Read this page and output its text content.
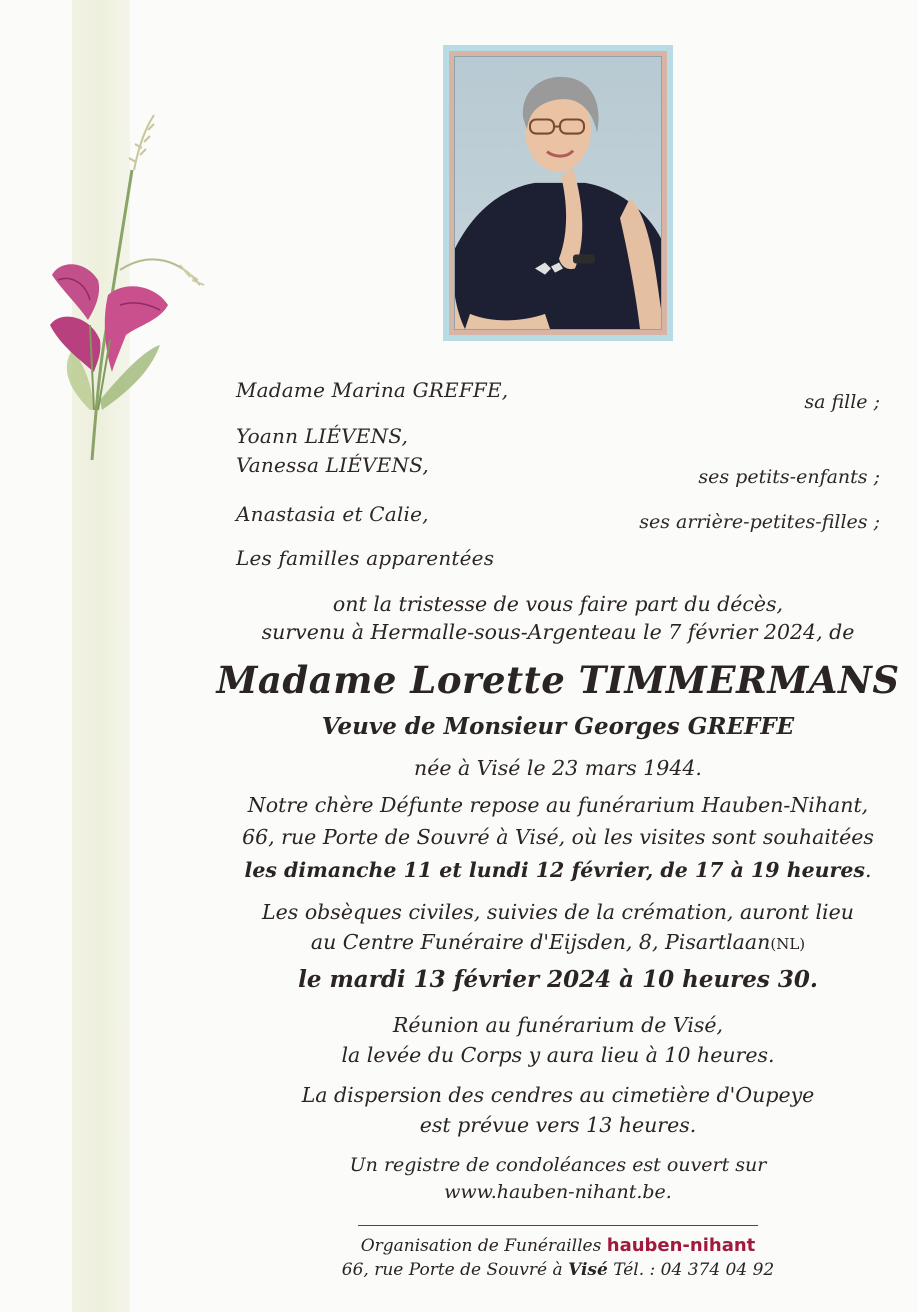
Madame Marina GREFFE,	sa fille ;
Yoann LIÉVENS,
Vanessa LIÉVENS,	ses petits-enfants ;
Anastasia et Calie,	ses arrière-petites-filles ;
Les familles apparentées
ont la tristesse de vous faire part du décès,
survenu à Hermalle-sous-Argenteau le 7 février 2024, de
Madame Lorette TIMMERMANS
Veuve de Monsieur Georges GREFFE
née à Visé le 23 mars 1944.
Notre chère Défunte repose au funérarium Hauben-Nihant,
66, rue Porte de Souvré à Visé, où les visites sont souhaitées
les dimanche 11 et lundi 12 février, de 17 à 19 heures.
Les obsèques civiles, suivies de la crémation, auront lieu
au Centre Funéraire d'Eijsden, 8, Pisartlaan(NL)
le mardi 13 février 2024 à 10 heures 30.
Réunion au funérarium de Visé,
la levée du Corps y aura lieu à 10 heures.
La dispersion des cendres au cimetière d'Oupeye
est prévue vers 13 heures.
Un registre de condoléances est ouvert sur
www.hauben-nihant.be.
Organisation de Funérailles hauben-nihant
66, rue Porte de Souvré à Visé Tél. : 04 374 04 92
